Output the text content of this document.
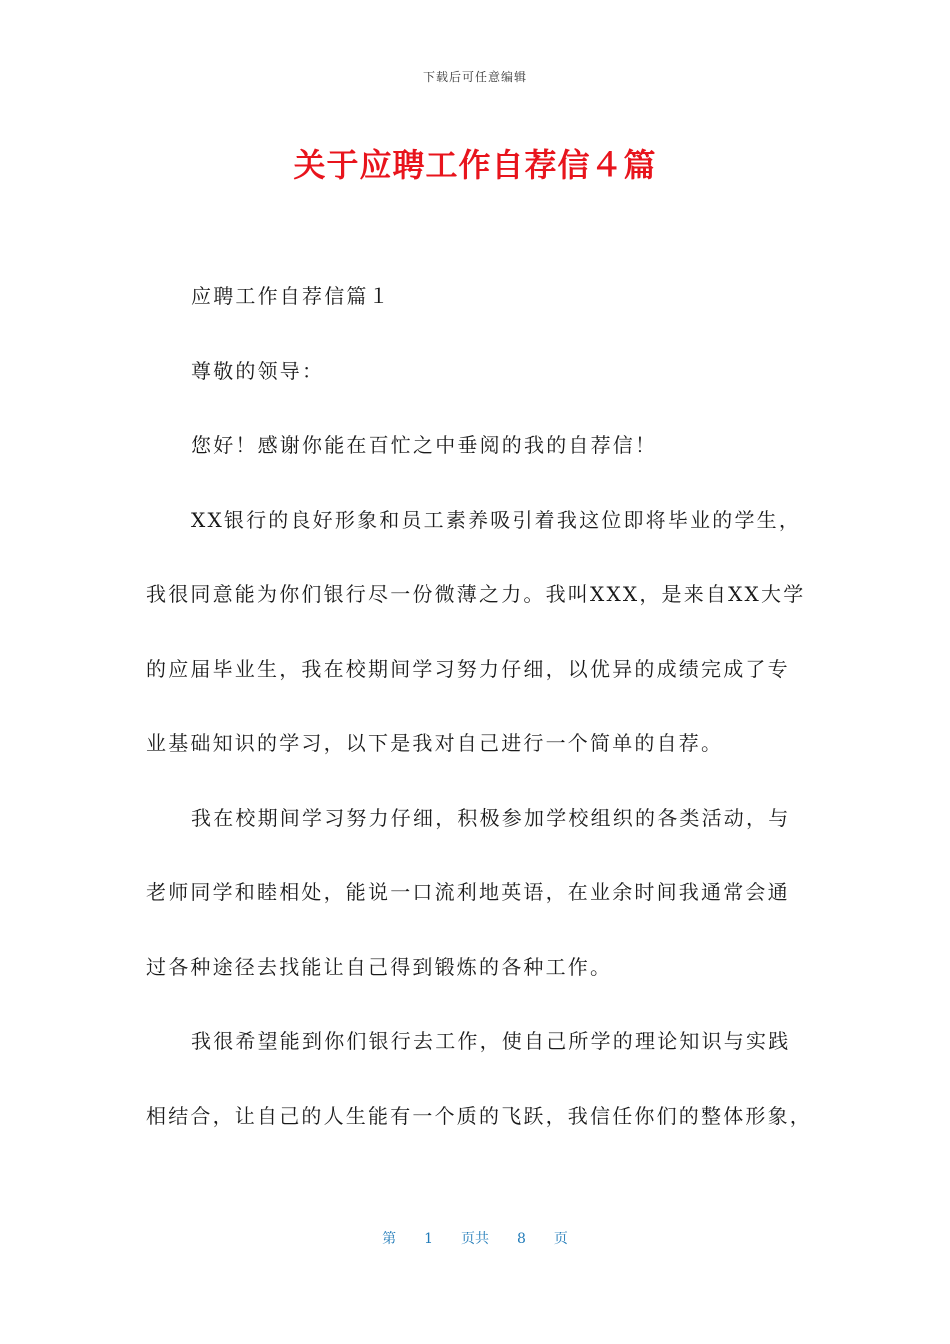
下载后可任意编辑
关于应聘工作自荐信４篇
应聘工作自荐信篇１
尊敬的领导：
您好！感谢你能在百忙之中垂阅的我的自荐信！
XX银行的良好形象和员工素养吸引着我这位即将毕业的学生，
我很同意能为你们银行尽一份微薄之力。我叫XXX，是来自XX大学
的应届毕业生，我在校期间学习努力仔细，以优异的成绩完成了专
业基础知识的学习，以下是我对自己进行一个简单的自荐。
我在校期间学习努力仔细，积极参加学校组织的各类活动，与
老师同学和睦相处，能说一口流利地英语，在业余时间我通常会通
过各种途径去找能让自己得到锻炼的各种工作。
我很希望能到你们银行去工作，使自己所学的理论知识与实践
相结合，让自己的人生能有一个质的飞跃，我信任你们的整体形象，
第 1 页共 8 页
